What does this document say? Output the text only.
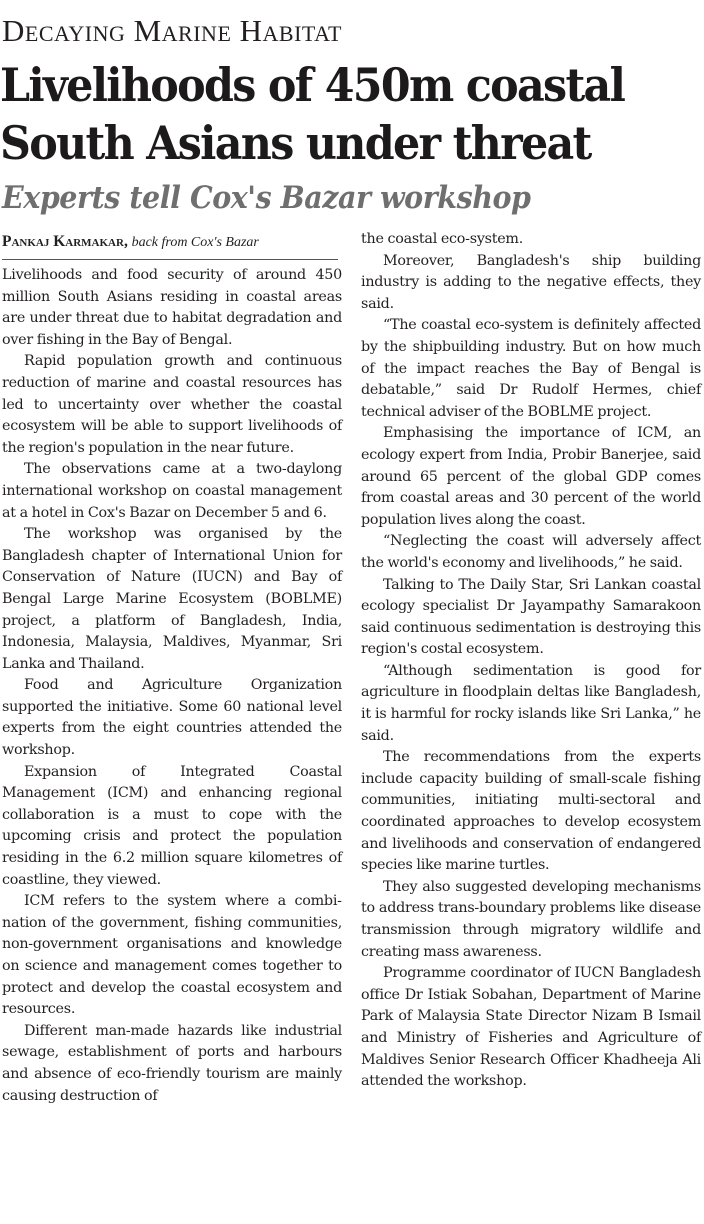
Decaying Marine Habitat
Livelihoods of 450m coastal
South Asians under threat
Experts tell Cox's Bazar workshop
Pankaj Karmakar, back from Cox's Bazar

Livelihoods and food security of around 450 million South Asians residing in coastal areas are under threat due to habitat degradation and over fishing in the Bay of Bengal.

Rapid population growth and continuous reduction of marine and coastal resources has led to uncertainty over whether the coastal ecosystem will be able to support livelihoods of the region's population in the near future.

The observations came at a two-daylong international workshop on coastal management at a hotel in Cox's Bazar on December 5 and 6.

The workshop was organised by the Bangladesh chapter of International Union for Conservation of Nature (IUCN) and Bay of Bengal Large Marine Ecosystem (BOBLME) project, a platform of Bangladesh, India, Indonesia, Malaysia, Maldives, Myanmar, Sri Lanka and Thailand.

Food and Agriculture Organization supported the initiative. Some 60 national level experts from the eight countries attended the workshop.

Expansion of Integrated Coastal Management (ICM) and enhancing regional collaboration is a must to cope with the upcoming crisis and protect the population residing in the 6.2 million square kilometres of coastline, they viewed.

ICM refers to the system where a combination of the government, fishing communities, non-government organisations and knowledge on science and management comes together to protect and develop the coastal ecosystem and resources.

Different man-made hazards like industrial sewage, establishment of ports and harbours and absence of eco-friendly tourism are mainly causing destruction of

the coastal eco-system.

Moreover, Bangladesh's ship building industry is adding to the negative effects, they said.

“The coastal eco-system is definitely affected by the shipbuilding industry. But on how much of the impact reaches the Bay of Bengal is debatable,” said Dr Rudolf Hermes, chief technical adviser of the BOBLME project.

Emphasising the importance of ICM, an ecology expert from India, Probir Banerjee, said around 65 percent of the global GDP comes from coastal areas and 30 percent of the world population lives along the coast.

“Neglecting the coast will adversely affect the world's economy and livelihoods,” he said.

Talking to The Daily Star, Sri Lankan coastal ecology specialist Dr Jayampathy Samarakoon said continuous sedimentation is destroying this region's costal ecosystem.

“Although sedimentation is good for agriculture in floodplain deltas like Bangladesh, it is harmful for rocky islands like Sri Lanka,” he said.

The recommendations from the experts include capacity building of small-scale fishing communities, initiating multi-sectoral and coordinated approaches to develop ecosystem and livelihoods and conservation of endangered species like marine turtles.

They also suggested developing mechanisms to address trans-boundary problems like disease transmission through migratory wildlife and creating mass awareness.

Programme coordinator of IUCN Bangladesh office Dr Istiak Sobahan, Department of Marine Park of Malaysia State Director Nizam B Ismail and Ministry of Fisheries and Agriculture of Maldives Senior Research Officer Khadheeja Ali attended the workshop.
